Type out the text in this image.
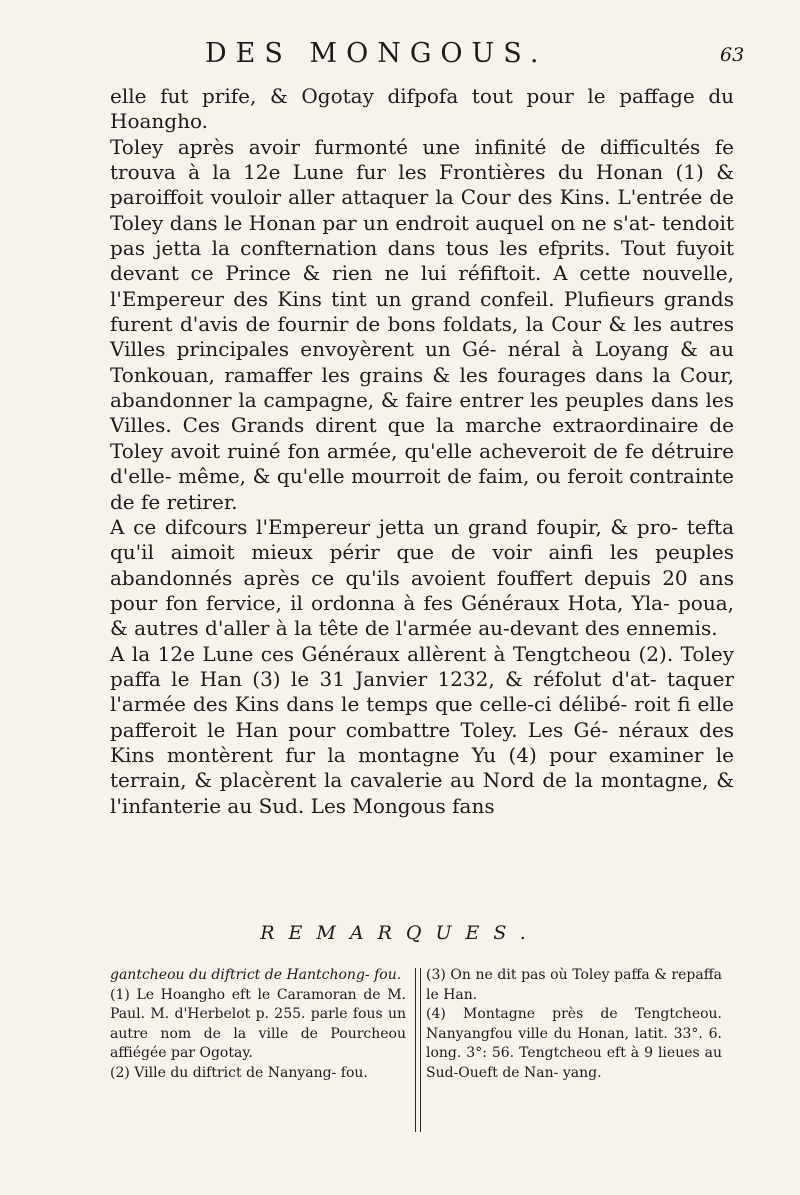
DES MONGOUS.	63

elle fut prife, & Ogotay difpofa tout pour le paffage du Hoangho.

Toley après avoir furmonté une infinité de difficultés fe trouva à la 12e Lune fur les Frontières du Honan (1) & paroiffoit vouloir aller attaquer la Cour des Kins. L'entrée de Toley dans le Honan par un endroit auquel on ne s'at- tendoit pas jetta la confternation dans tous les efprits. Tout fuyoit devant ce Prince & rien ne lui réfiftoit. A cette nouvelle, l'Empereur des Kins tint un grand confeil. Plufieurs grands furent d'avis de fournir de bons foldats, la Cour & les autres Villes principales envoyèrent un Gé- néral à Loyang & au Tonkouan, ramaffer les grains & les fourages dans la Cour, abandonner la campagne, & faire entrer les peuples dans les Villes. Ces Grands dirent que la marche extraordinaire de Toley avoit ruiné fon armée, qu'elle acheveroit de fe détruire d'elle- même, & qu'elle mourroit de faim, ou feroit contrainte de fe retirer.

A ce difcours l'Empereur jetta un grand foupir, & pro- tefta qu'il aimoit mieux périr que de voir ainfi les peuples abandonnés après ce qu'ils avoient fouffert depuis 20 ans pour fon fervice, il ordonna à fes Généraux Hota, Yla- poua, & autres d'aller à la tête de l'armée au-devant des ennemis.

A la 12e Lune ces Généraux allèrent à Tengtcheou (2). Toley paffa le Han (3) le 31 Janvier 1232, & réfolut d'at- taquer l'armée des Kins dans le temps que celle-ci délibé- roit fi elle pafferoit le Han pour combattre Toley. Les Gé- néraux des Kins montèrent fur la montagne Yu (4) pour examiner le terrain, & placèrent la cavalerie au Nord de la montagne, & l'infanterie au Sud. Les Mongous fans

REMARQUES.

gantcheou du diftrict de Hantchong- fou.

(1) Le Hoangho eft le Caramoran de M. Paul. M. d'Herbelot p. 255. parle fous un autre nom de la ville de Pourcheou affiégée par Ogotay.

(2) Ville du diftrict de Nanyang- fou.

(3) On ne dit pas où Toley paffa & repaffa le Han.

(4) Montagne près de Tengtcheou. Nanyangfou ville du Honan, latit. 33°. 6. long. 3°: 56. Tengtcheou eft à 9 lieues au Sud-Oueft de Nan- yang.
